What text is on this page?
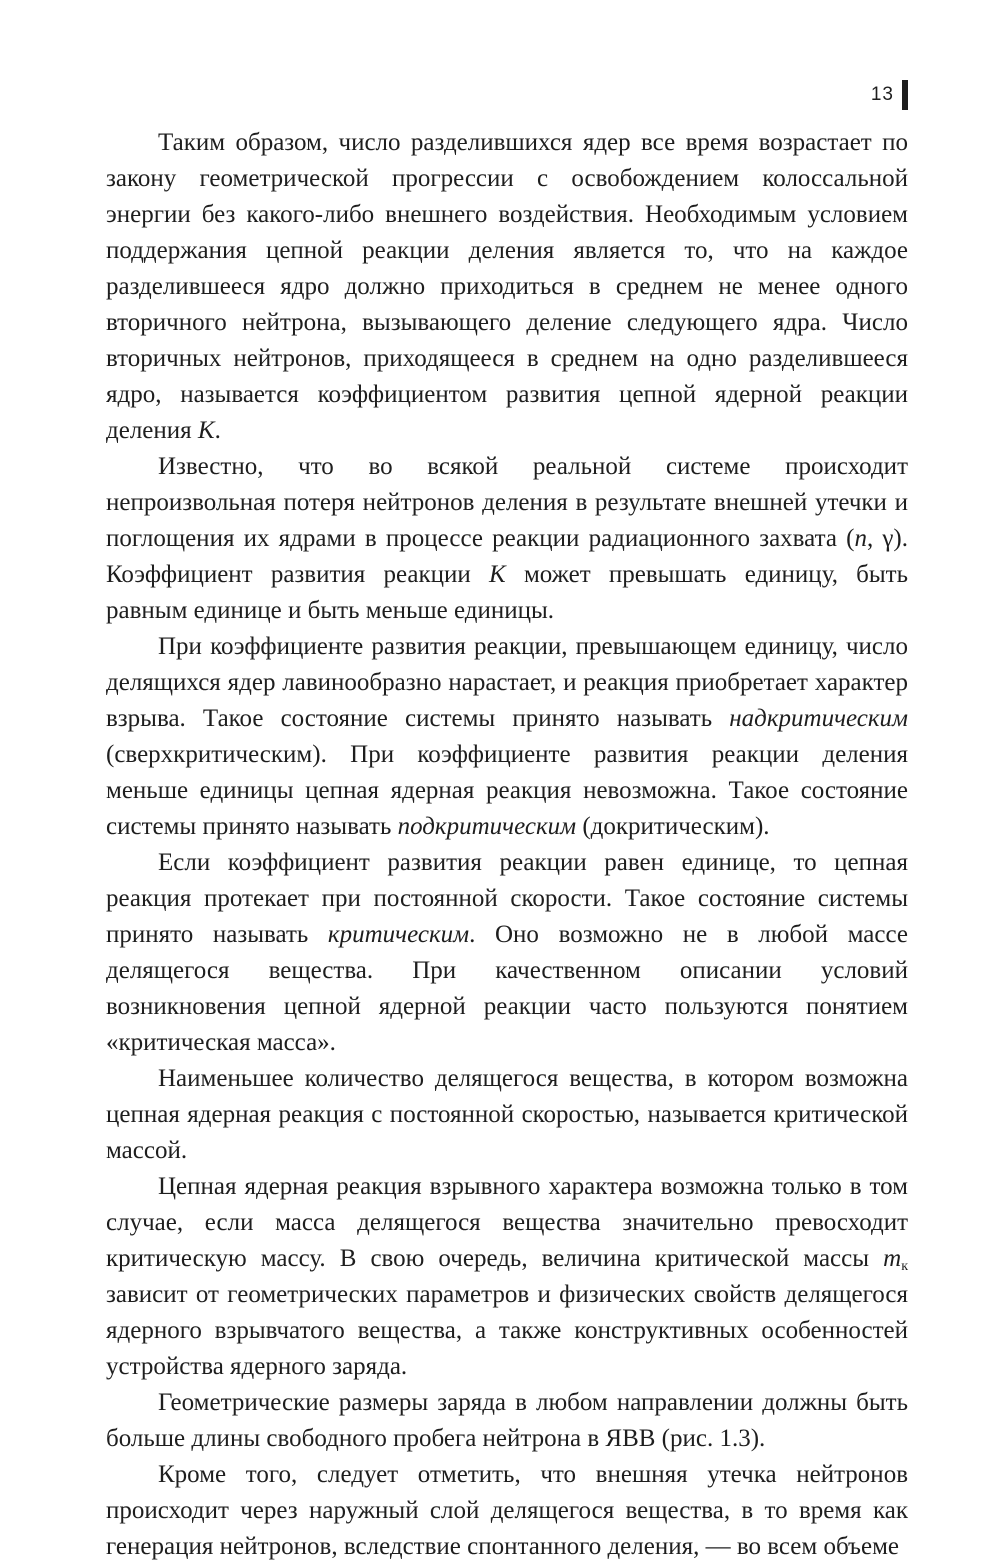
13

Таким образом, число разделившихся ядер все время возрастает по закону геометрической прогрессии с освобождением колоссальной энергии без какого-либо внешнего воздействия. Необходимым условием поддержания цепной реакции деления является то, что на каждое разделившееся ядро должно приходиться в среднем не менее одного вторичного нейтрона, вызывающего деление следующего ядра. Число вторичных нейтронов, приходящееся в среднем на одно разделившееся ядро, называется коэффициентом развития цепной ядерной реакции деления K.

Известно, что во всякой реальной системе происходит непроизвольная потеря нейтронов деления в результате внешней утечки и поглощения их ядрами в процессе реакции радиационного захвата (n, γ). Коэффициент развития реакции K может превышать единицу, быть равным единице и быть меньше единицы.

При коэффициенте развития реакции, превышающем единицу, число делящихся ядер лавинообразно нарастает, и реакция приобретает характер взрыва. Такое состояние системы принято называть надкритическим (сверхкритическим). При коэффициенте развития реакции деления меньше единицы цепная ядерная реакция невозможна. Такое состояние системы принято называть подкритическим (докритическим).

Если коэффициент развития реакции равен единице, то цепная реакция протекает при постоянной скорости. Такое состояние системы принято называть критическим. Оно возможно не в любой массе делящегося вещества. При качественном описании условий возникновения цепной ядерной реакции часто пользуются понятием «критическая масса».

Наименьшее количество делящегося вещества, в котором возможна цепная ядерная реакция с постоянной скоростью, называется критической массой.

Цепная ядерная реакция взрывного характера возможна только в том случае, если масса делящегося вещества значительно превосходит критическую массу. В свою очередь, величина критической массы $m_к$ зависит от геометрических параметров и физических свойств делящегося ядерного взрывчатого вещества, а также конструктивных особенностей устройства ядерного заряда.

Геометрические размеры заряда в любом направлении должны быть больше длины свободного пробега нейтрона в ЯВВ (рис. 1.3).

Кроме того, следует отметить, что внешняя утечка нейтронов происходит через наружный слой делящегося вещества, в то время как генерация нейтронов, вследствие спонтанного деления, — во всем объеме
